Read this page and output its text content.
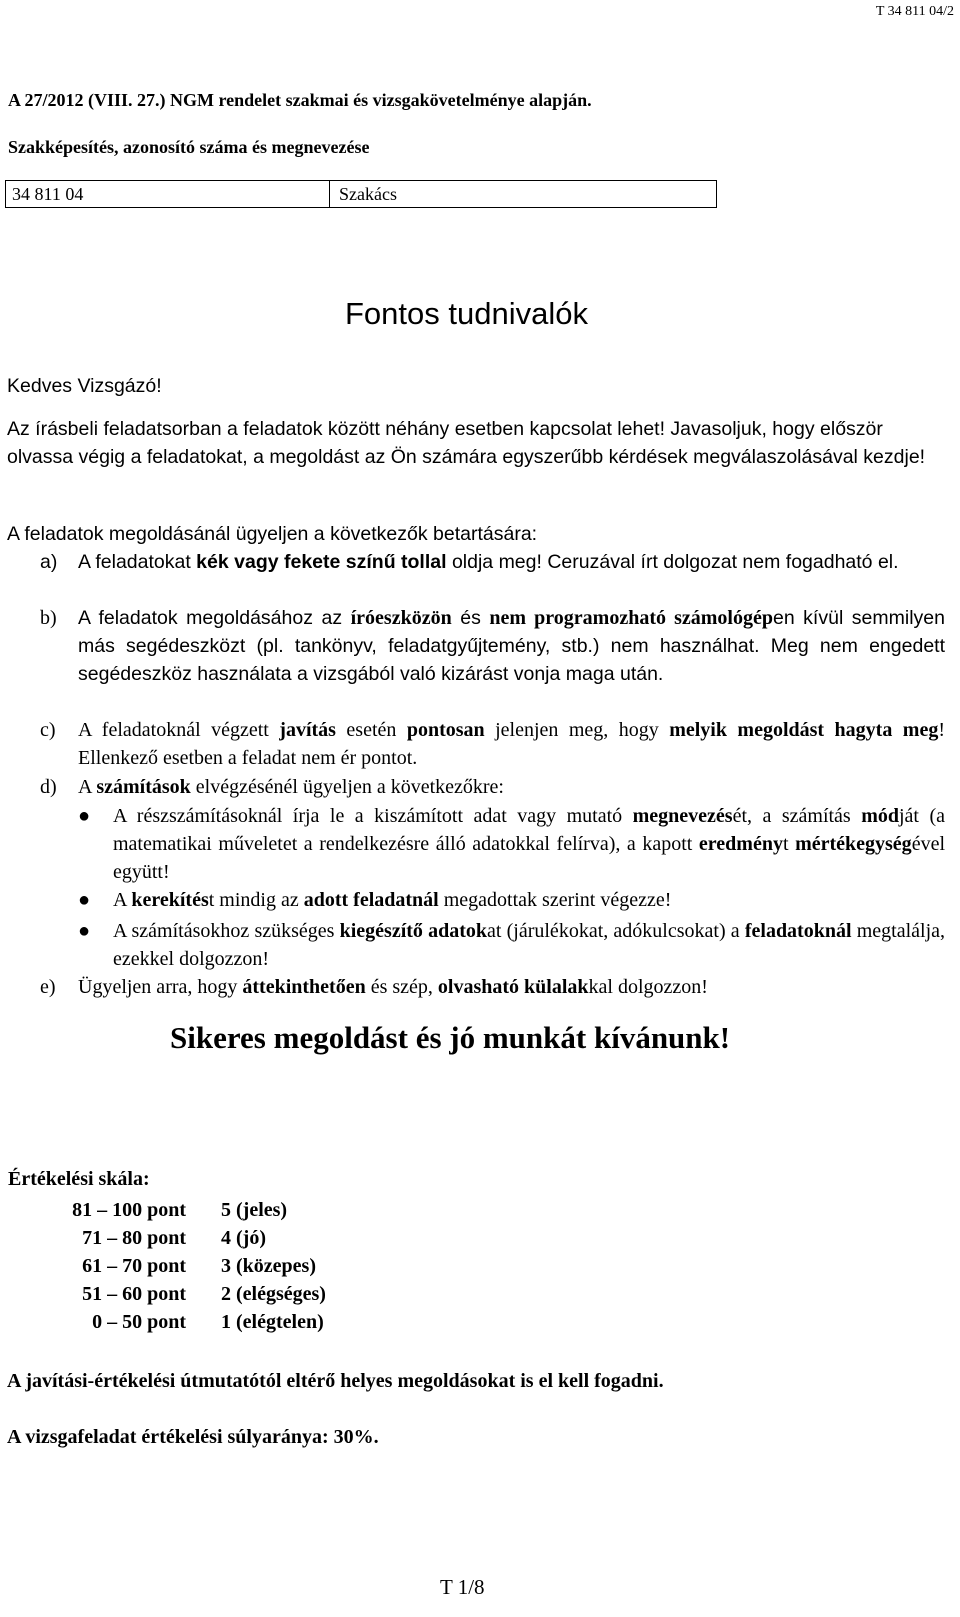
T 34 811 04/2
A 27/2012 (VIII. 27.) NGM rendelet szakmai és vizsgakövetelménye alapján.
Szakképesítés, azonosító száma és megnevezése
34 811 04	Szakács
Fontos tudnivalók
Kedves Vizsgázó!
Az írásbeli feladatsorban a feladatok között néhány esetben kapcsolat lehet! Javasoljuk, hogy először olvassa végig a feladatokat, a megoldást az Ön számára egyszerűbb kérdések megválaszolásával kezdje!
A feladatok megoldásánál ügyeljen a következők betartására:
a)	A feladatokat kék vagy fekete színű tollal oldja meg! Ceruzával írt dolgozat nem fogadható el.
b)	A feladatok megoldásához az íróeszközön és nem programozható számológépen kívül semmilyen más segédeszközt (pl. tankönyv, feladatgyűjtemény, stb.) nem használhat. Meg nem engedett segédeszköz használata a vizsgából való kizárást vonja maga után.
c)	A feladatoknál végzett javítás esetén pontosan jelenjen meg, hogy melyik megoldást hagyta meg! Ellenkező esetben a feladat nem ér pontot.
d)	A számítások elvégzésénél ügyeljen a következőkre:
●	A részszámításoknál írja le a kiszámított adat vagy mutató megnevezését, a számítás módját (a matematikai műveletet a rendelkezésre álló adatokkal felírva), a kapott eredményt mértékegységével együtt!
●	A kerekítést mindig az adott feladatnál megadottak szerint végezze!
●	A számításokhoz szükséges kiegészítő adatokat (járulékokat, adókulcsokat) a feladatoknál megtalálja, ezekkel dolgozzon!
e)	Ügyeljen arra, hogy áttekinthetően és szép, olvasható külalakkal dolgozzon!
Sikeres megoldást és jó munkát kívánunk!
Értékelési skála:
81 – 100 pont 5 (jeles)
71 – 80 pont 4 (jó)
61 – 70 pont 3 (közepes)
51 – 60 pont 2 (elégséges)
0 – 50 pont 1 (elégtelen)
A javítási-értékelési útmutatótól eltérő helyes megoldásokat is el kell fogadni.
A vizsgafeladat értékelési súlyaránya: 30%.
T 1/8
